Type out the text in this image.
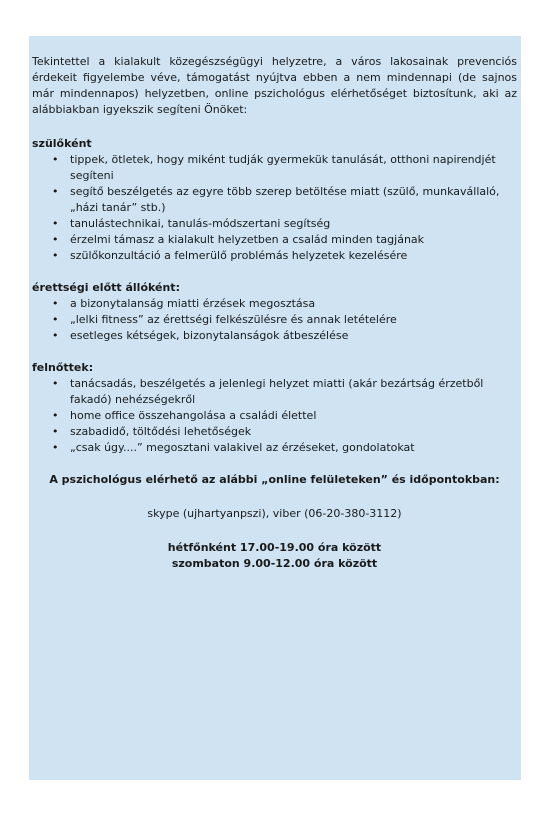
Tekintettel a kialakult közegészségügyi helyzetre, a város lakosainak prevenciós érdekeit figyelembe véve, támogatást nyújtva ebben a nem mindennapi (de sajnos már mindennapos) helyzetben, online pszichológus elérhetőséget biztosítunk, aki az alábbiakban igyekszik segíteni Önöket:

szülőként

• tippek, ötletek, hogy miként tudják gyermekük tanulását, otthoni napirendjét segíteni
• segítő beszélgetés az egyre több szerep betöltése miatt (szülő, munkavállaló, „házi tanár” stb.)
• tanulástechnikai, tanulás-módszertani segítség
• érzelmi támasz a kialakult helyzetben a család minden tagjának
• szülőkonzultáció a felmerülő problémás helyzetek kezelésére

érettségi előtt állóként:

• a bizonytalanság miatti érzések megosztása
• „lelki fitness” az érettségi felkészülésre és annak letételére
• esetleges kétségek, bizonytalanságok átbeszélése

felnőttek:

• tanácsadás, beszélgetés a jelenlegi helyzet miatti (akár bezártság érzetből fakadó) nehézségekről
• home office összehangolása a családi élettel
• szabadidő, töltődési lehetőségek
• „csak úgy....” megosztani valakivel az érzéseket, gondolatokat

A pszichológus elérhető az alábbi „online felületeken” és időpontokban:

skype (ujhartyanpszi), viber (06-20-380-3112)

hétfőnként 17.00-19.00 óra között
szombaton 9.00-12.00 óra között
